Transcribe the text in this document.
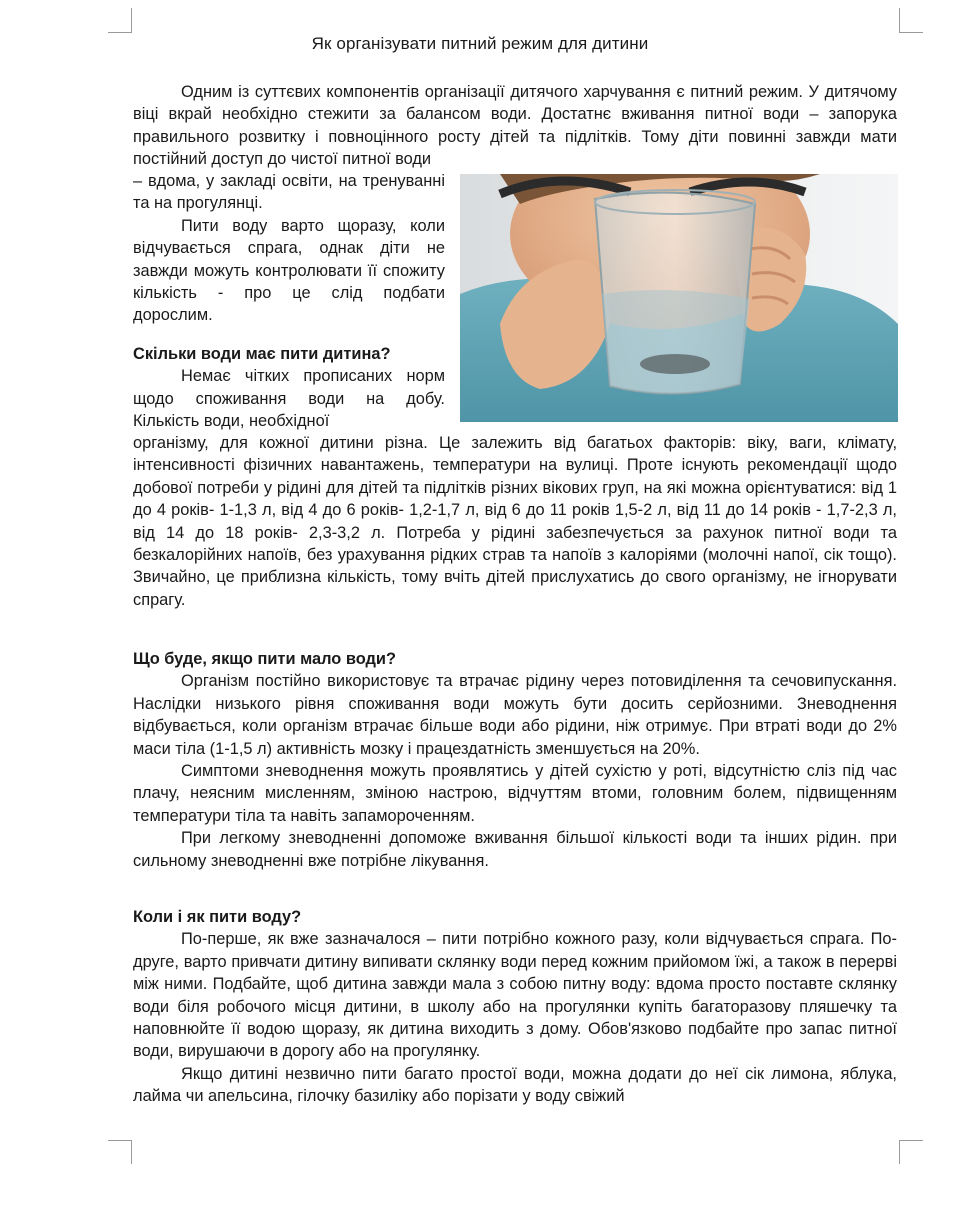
Як організувати питний режим для дитини

Одним із суттєвих компонентів організації дитячого харчування є питний режим. У дитячому віці вкрай необхідно стежити за балансом води. Достатнє вживання питної води – запорука правильного розвитку і повноцінного росту дітей та підлітків. Тому діти повинні завжди мати постійний доступ до чистої питної води

– вдома, у закладі освіти, на тренуванні та на прогулянці.

Пити воду варто щоразу, коли відчувається спрага, однак діти не завжди можуть контролювати її спожиту кількість - про це слід подбати дорослим.

Скільки води має пити дитина?

Немає чітких прописаних норм щодо споживання води на добу. Кількість води, необхідної

організму, для кожної дитини різна. Це залежить від багатьох факторів: віку, ваги, клімату, інтенсивності фізичних навантажень, температури на вулиці. Проте існують рекомендації щодо добової потреби у рідині для дітей та підлітків різних вікових груп, на які можна орієнтуватися: від 1 до 4 років- 1-1,3 л, від 4 до 6 років- 1,2-1,7 л, від 6 до 11 років 1,5-2 л, від 11 до 14 років - 1,7-2,3 л, від 14 до 18 років- 2,3-3,2 л. Потреба у рідині забезпечується за рахунок питної води та безкалорійних напоїв, без урахування рідких страв та напоїв з калоріями (молочні напої, сік тощо). Звичайно, це приблизна кількість, тому вчіть дітей прислухатись до свого організму, не ігнорувати спрагу.

Що буде, якщо пити мало води?

Організм постійно використовує та втрачає рідину через потовиділення та сечовипускання. Наслідки низького рівня споживання води можуть бути досить серйозними. Зневоднення відбувається, коли організм втрачає більше води або рідини, ніж отримує. При втраті води до 2% маси тіла (1-1,5 л) активність мозку і працездатність зменшується на 20%.

Симптоми зневоднення можуть проявлятись у дітей сухістю у роті, відсутністю сліз під час плачу, неясним мисленням, зміною настрою, відчуттям втоми, головним болем, підвищенням температури тіла та навіть запамороченням.

При легкому зневодненні допоможе вживання більшої кількості води та інших рідин. при сильному зневодненні вже потрібне лікування.

Коли і як пити воду?

По-перше, як вже зазначалося – пити потрібно кожного разу, коли відчувається спрага. По-друге, варто привчати дитину випивати склянку води перед кожним прийомом їжі, а також в перерві між ними. Подбайте, щоб дитина завжди мала з собою питну воду: вдома просто поставте склянку води біля робочого місця дитини, в школу або на прогулянки купіть багаторазову пляшечку та наповнюйте її водою щоразу, як дитина виходить з дому. Обов'язково подбайте про запас питної води, вирушаючи в дорогу або на прогулянку.

Якщо дитині незвично пити багато простої води, можна додати до неї сік лимона, яблука, лайма чи апельсина, гілочку базиліку або порізати у воду свіжий
